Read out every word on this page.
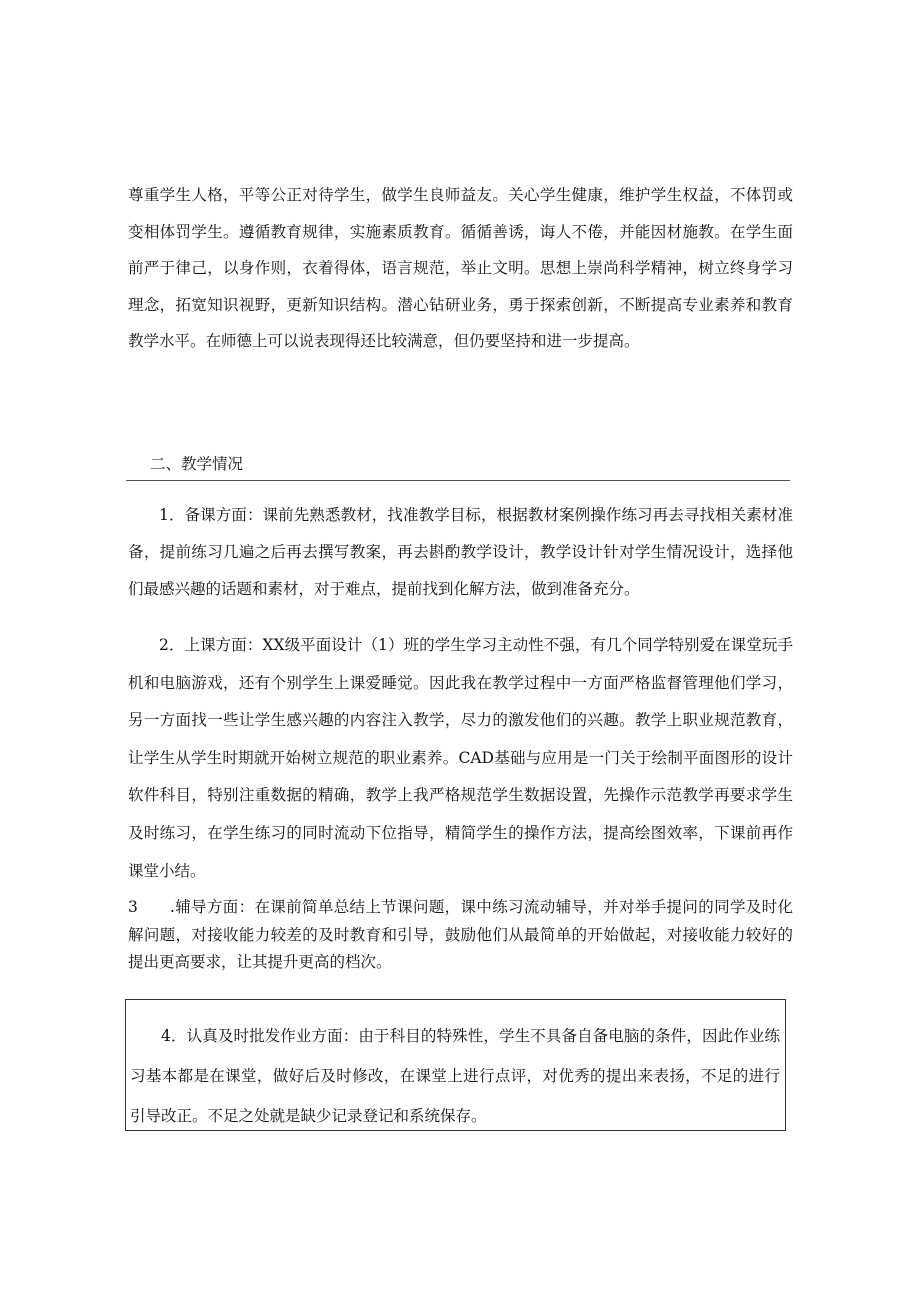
尊重学生人格，平等公正对待学生，做学生良师益友。关心学生健康，维护学生权益，不体罚或变相体罚学生。遵循教育规律，实施素质教育。循循善诱，诲人不倦，并能因材施教。在学生面前严于律己，以身作则，衣着得体，语言规范，举止文明。思想上崇尚科学精神，树立终身学习理念，拓宽知识视野，更新知识结构。潜心钻研业务，勇于探索创新，不断提高专业素养和教育教学水平。在师德上可以说表现得还比较满意，但仍要坚持和进一步提高。

二、教学情况

1．备课方面：课前先熟悉教材，找准教学目标，根据教材案例操作练习再去寻找相关素材准备，提前练习几遍之后再去撰写教案，再去斟酌教学设计，教学设计针对学生情况设计，选择他们最感兴趣的话题和素材，对于难点，提前找到化解方法，做到准备充分。

2．上课方面：XX级平面设计（1）班的学生学习主动性不强，有几个同学特别爱在课堂玩手机和电脑游戏，还有个别学生上课爱睡觉。因此我在教学过程中一方面严格监督管理他们学习，另一方面找一些让学生感兴趣的内容注入教学，尽力的激发他们的兴趣。教学上职业规范教育，让学生从学生时期就开始树立规范的职业素养。CAD基础与应用是一门关于绘制平面图形的设计软件科目，特别注重数据的精确，教学上我严格规范学生数据设置，先操作示范教学再要求学生及时练习，在学生练习的同时流动下位指导，精简学生的操作方法，提高绘图效率，下课前再作课堂小结。

3　　.辅导方面：在课前简单总结上节课问题，课中练习流动辅导，并对举手提问的同学及时化解问题，对接收能力较差的及时教育和引导，鼓励他们从最简单的开始做起，对接收能力较好的提出更高要求，让其提升更高的档次。

4．认真及时批发作业方面：由于科目的特殊性，学生不具备自备电脑的条件，因此作业练习基本都是在课堂，做好后及时修改，在课堂上进行点评，对优秀的提出来表扬，不足的进行引导改正。不足之处就是缺少记录登记和系统保存。
